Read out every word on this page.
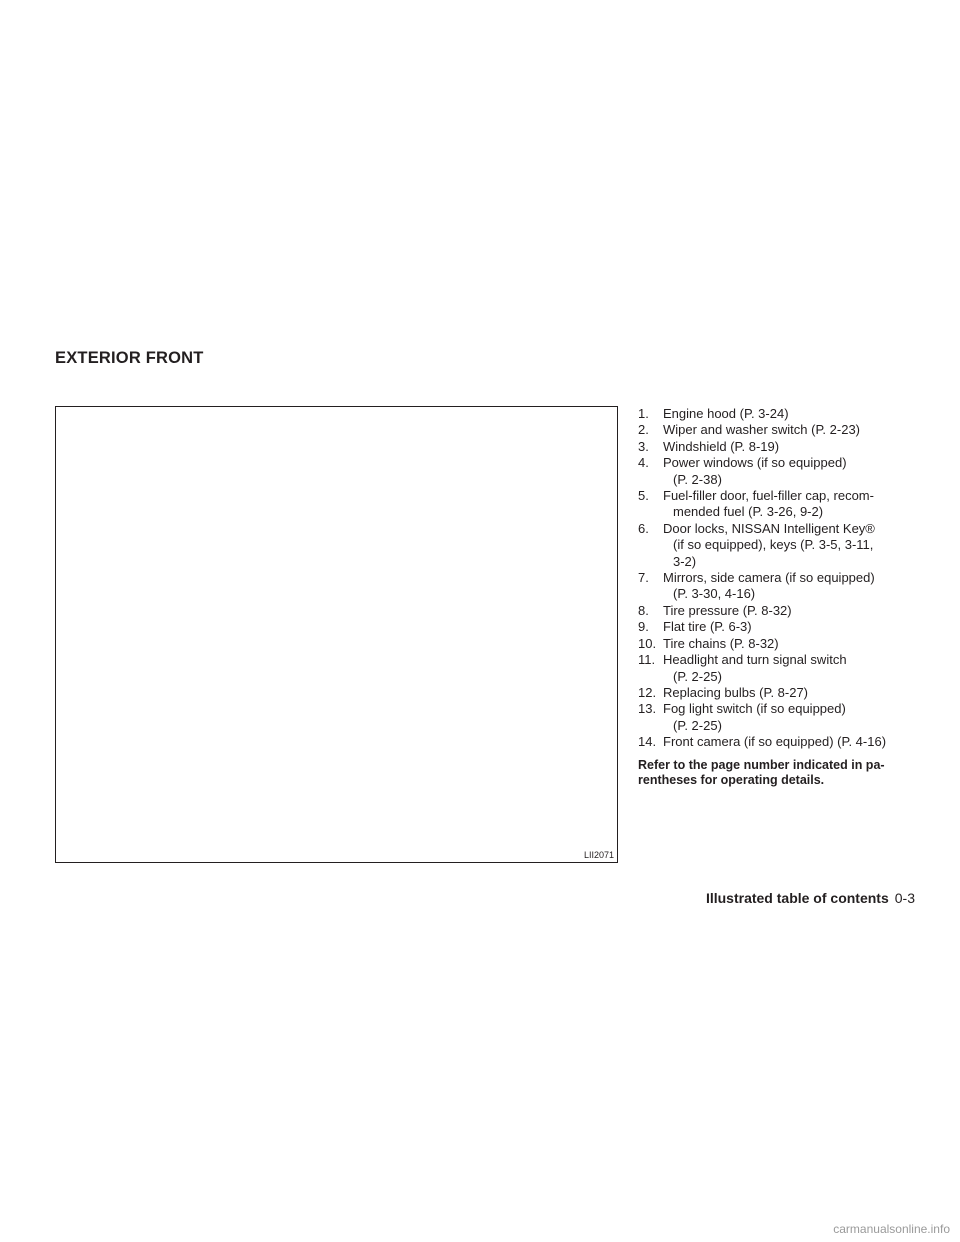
EXTERIOR FRONT
LII2071
1.	Engine hood (P. 3-24)
2.	Wiper and washer switch (P. 2-23)
3.	Windshield (P. 8-19)
4.	Power windows (if so equipped)
(P. 2-38)
5.	Fuel-filler door, fuel-filler cap, recom-
mended fuel (P. 3-26, 9-2)
6.	Door locks, NISSAN Intelligent Key®
(if so equipped), keys (P. 3-5, 3-11,
3-2)
7.	Mirrors, side camera (if so equipped)
(P. 3-30, 4-16)
8.	Tire pressure (P. 8-32)
9.	Flat tire (P. 6-3)
10. Tire chains (P. 8-32)
11. Headlight and turn signal switch
(P. 2-25)
12. Replacing bulbs (P. 8-27)
13. Fog light switch (if so equipped)
(P. 2-25)
14. Front camera (if so equipped) (P. 4-16)

Refer to the page number indicated in pa-rentheses for operating details.

Illustrated table of contents 0-3
carmanualsonline.info
